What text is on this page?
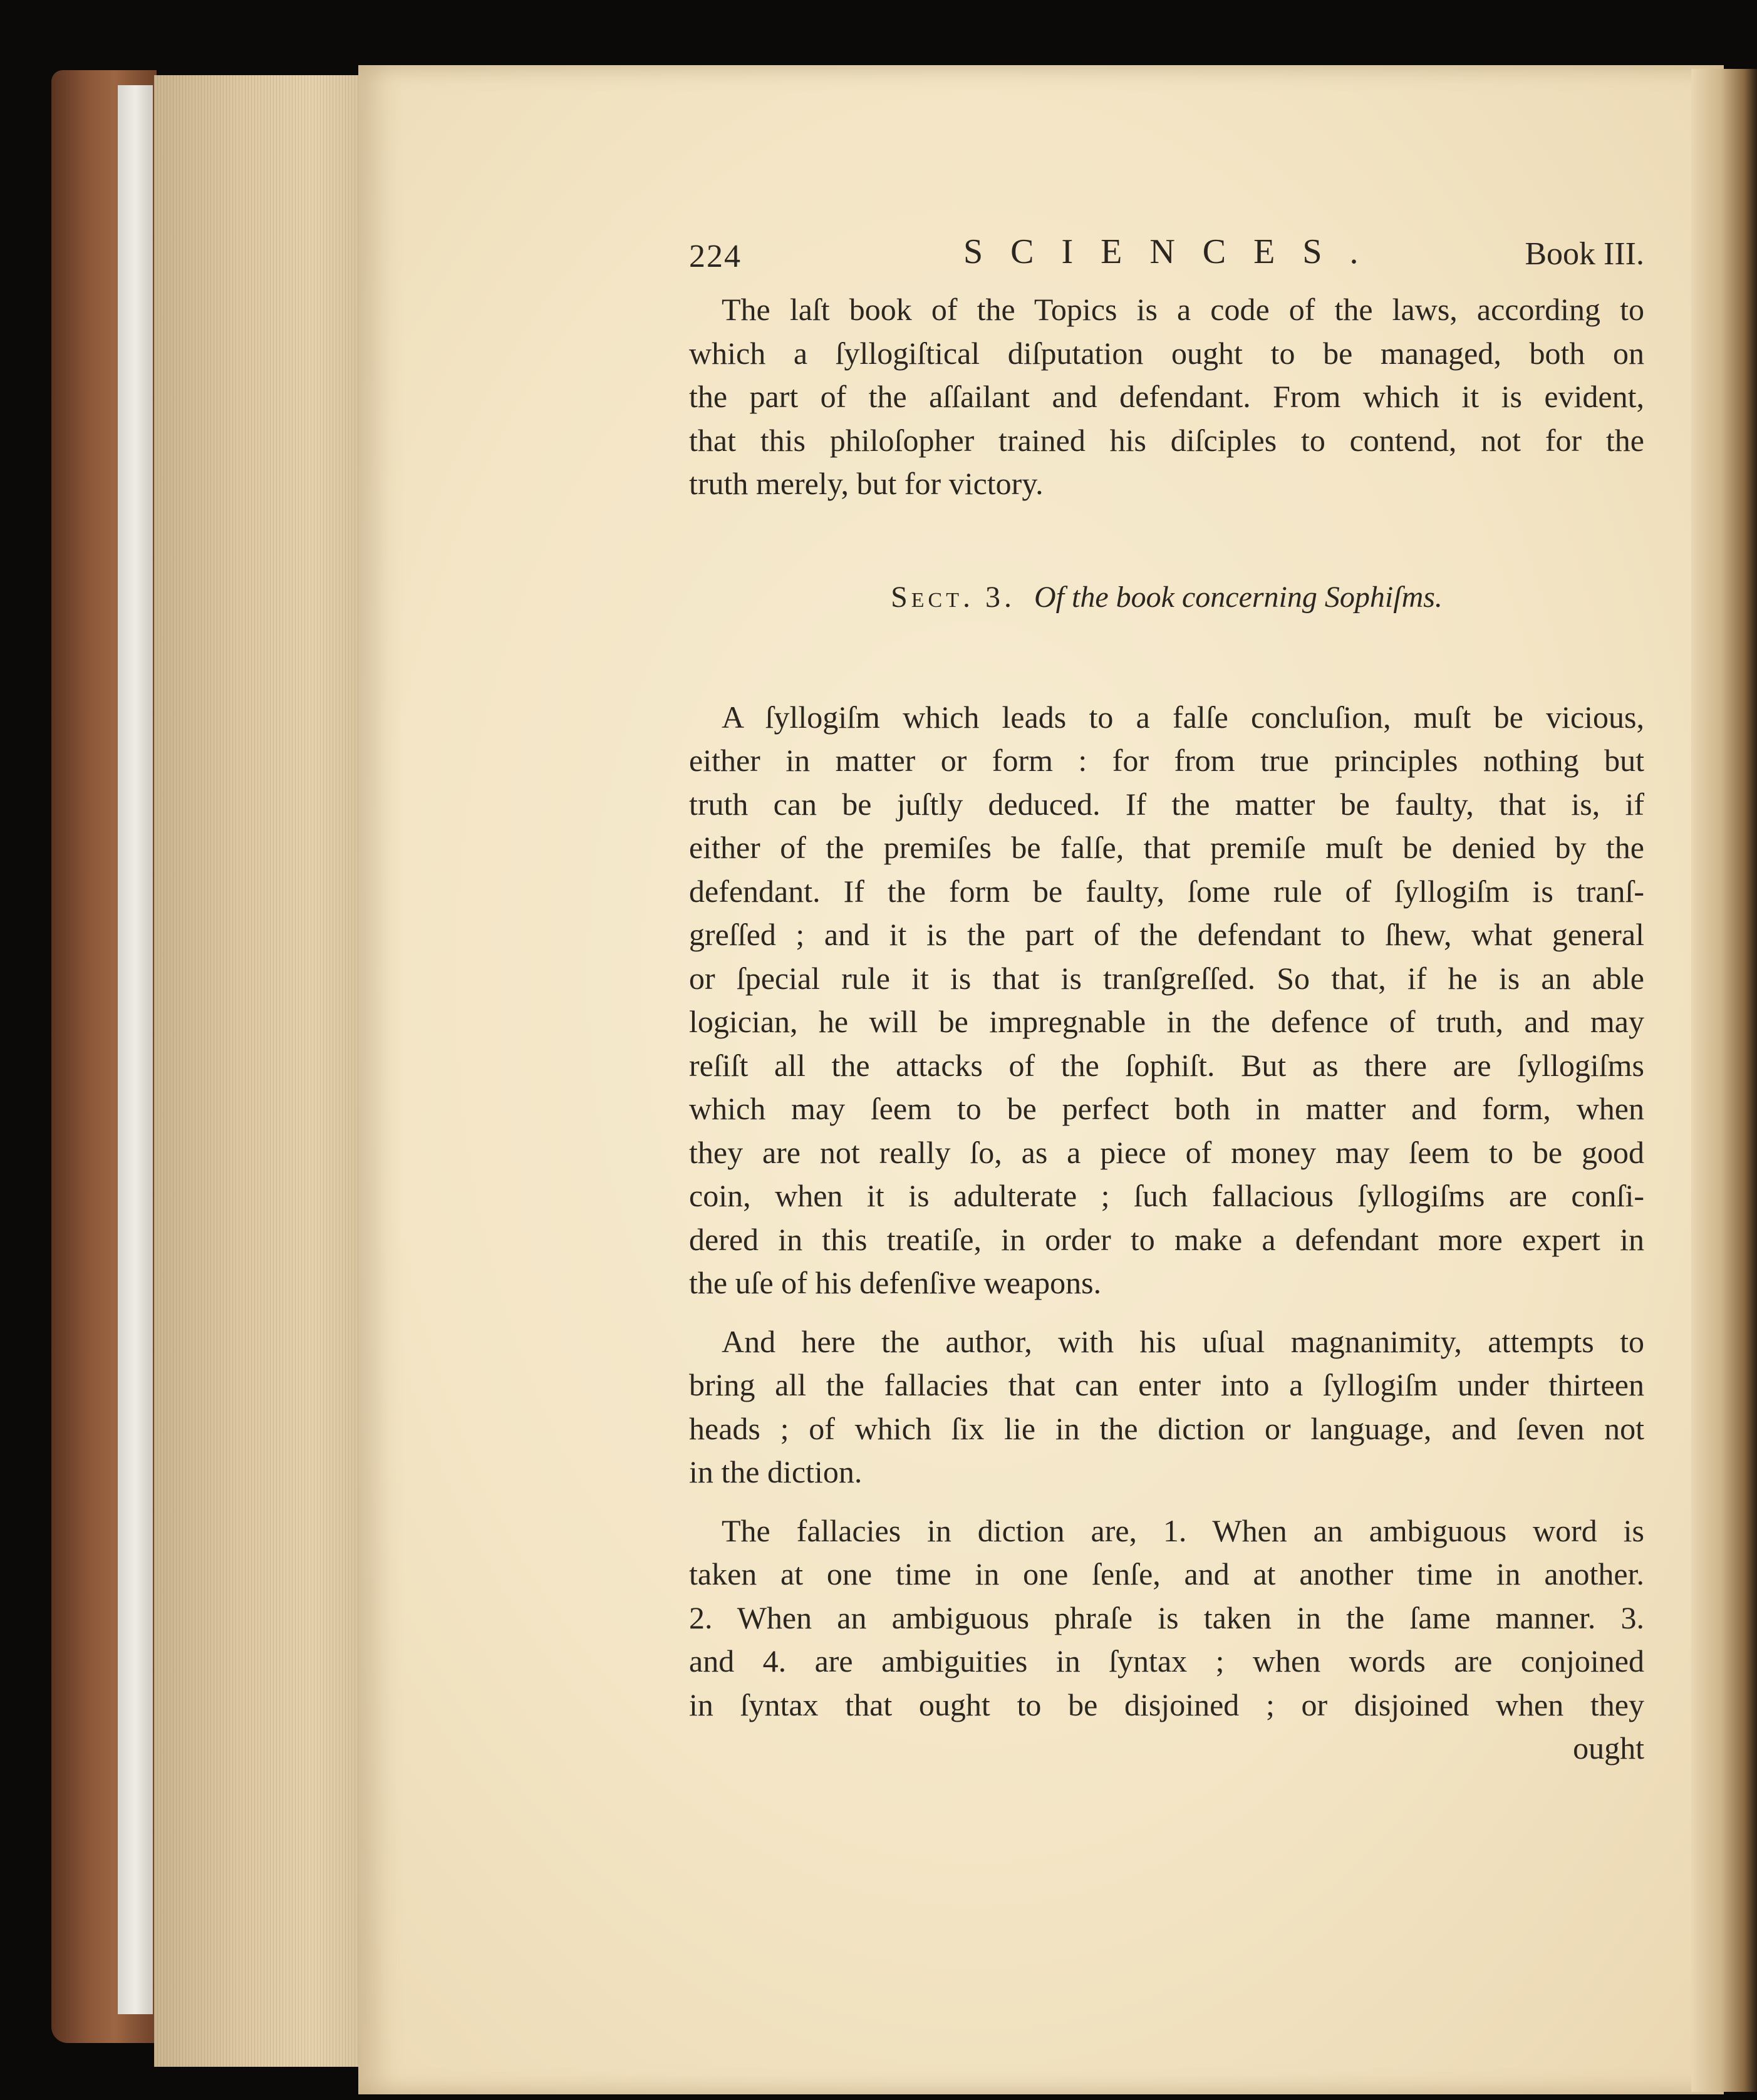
224	SCIENCES.	Book III.
The laſt book of the Topics is a code of the laws, according to
which a ſyllogiſtical diſputation ought to be managed, both on
the part of the aſſailant and defendant. From which it is evident,
that this philoſopher trained his diſciples to contend, not for the
truth merely, but for victory.
Sect. 3. Of the book concerning Sophiſms.
A ſyllogiſm which leads to a falſe concluſion, muſt be vicious,
either in matter or form : for from true principles nothing but
truth can be juſtly deduced. If the matter be faulty, that is, if
either of the premiſes be falſe, that premiſe muſt be denied by the
defendant. If the form be faulty, ſome rule of ſyllogiſm is tranſ-
greſſed ; and it is the part of the defendant to ſhew, what general
or ſpecial rule it is that is tranſgreſſed. So that, if he is an able
logician, he will be impregnable in the defence of truth, and may
reſiſt all the attacks of the ſophiſt. But as there are ſyllogiſms
which may ſeem to be perfect both in matter and form, when
they are not really ſo, as a piece of money may ſeem to be good
coin, when it is adulterate ; ſuch fallacious ſyllogiſms are conſi-
dered in this treatiſe, in order to make a defendant more expert in
the uſe of his defenſive weapons.
And here the author, with his uſual magnanimity, attempts to
bring all the fallacies that can enter into a ſyllogiſm under thirteen
heads ; of which ſix lie in the diction or language, and ſeven not
in the diction.
The fallacies in diction are, 1. When an ambiguous word is
taken at one time in one ſenſe, and at another time in another.
2. When an ambiguous phraſe is taken in the ſame manner. 3.
and 4. are ambiguities in ſyntax ; when words are conjoined
in ſyntax that ought to be disjoined ; or disjoined when they
ought
